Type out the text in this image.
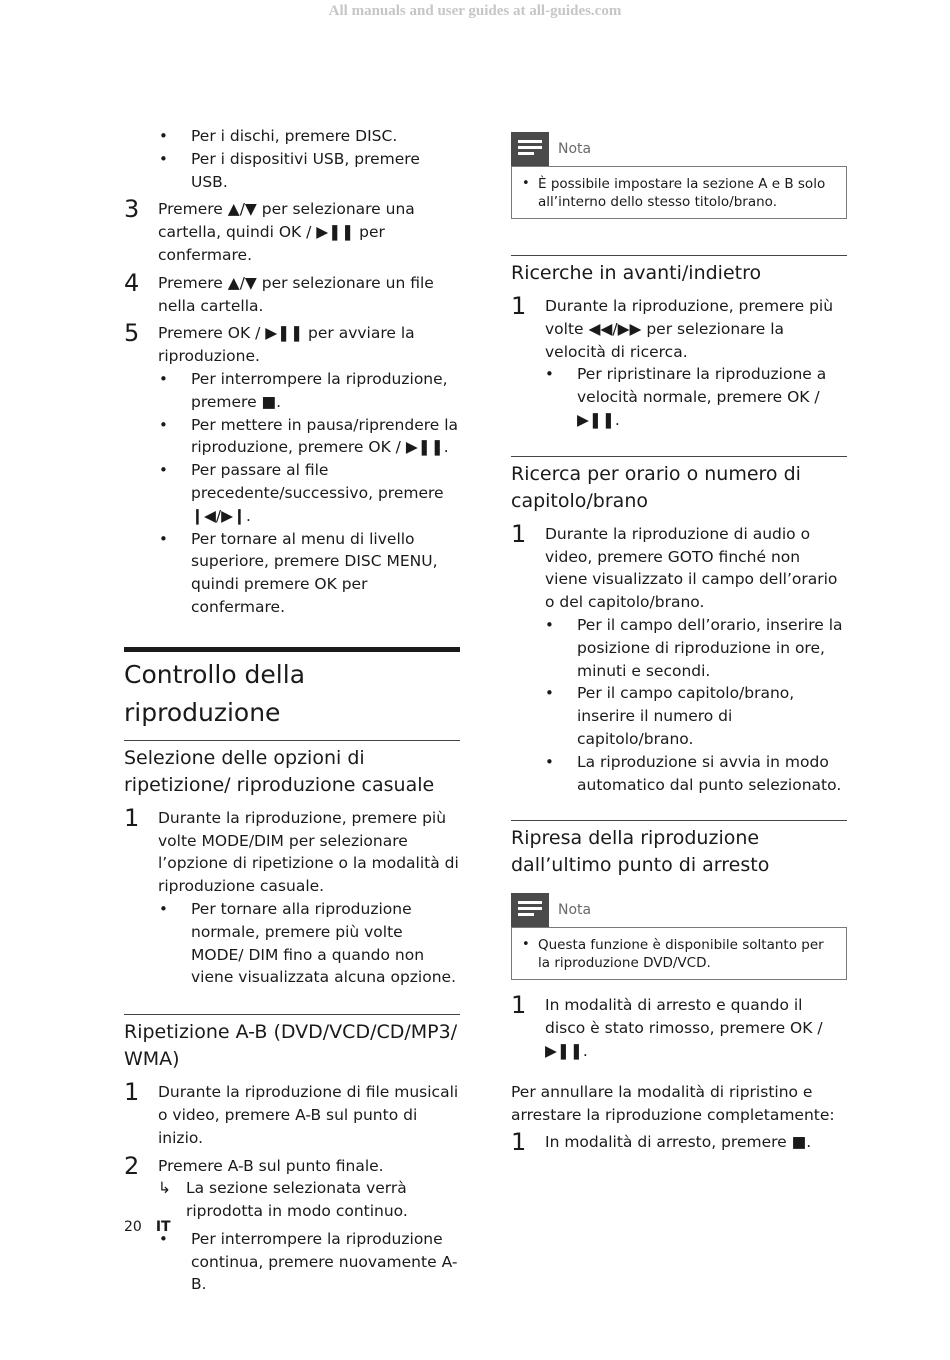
All manuals and user guides at all-guides.com
• Per i dischi, premere DISC.
• Per i dispositivi USB, premere USB.
3 Premere ▲/▼ per selezionare una cartella, quindi OK / ▶❚❚ per confermare.
4 Premere ▲/▼ per selezionare un file nella cartella.
5 Premere OK / ▶❚❚ per avviare la riproduzione.
• Per interrompere la riproduzione, premere ■.
• Per mettere in pausa/riprendere la riproduzione, premere OK / ▶❚❚.
• Per passare al file precedente/successivo, premere ❙◀/▶❙.
• Per tornare al menu di livello superiore, premere DISC MENU, quindi premere OK per confermare.
Controllo della riproduzione
Selezione delle opzioni di ripetizione/ riproduzione casuale
1 Durante la riproduzione, premere più volte MODE/DIM per selezionare l’opzione di ripetizione o la modalità di riproduzione casuale.
• Per tornare alla riproduzione normale, premere più volte MODE/ DIM fino a quando non viene visualizzata alcuna opzione.
Ripetizione A-B (DVD/VCD/CD/MP3/ WMA)
1 Durante la riproduzione di file musicali o video, premere A-B sul punto di inizio.
2 Premere A-B sul punto finale.
↳ La sezione selezionata verrà riprodotta in modo continuo.
• Per interrompere la riproduzione continua, premere nuovamente A-B.
Nota
• È possibile impostare la sezione A e B solo all’interno dello stesso titolo/brano.
Ricerche in avanti/indietro
1 Durante la riproduzione, premere più volte ◀◀/▶▶ per selezionare la velocità di ricerca.
• Per ripristinare la riproduzione a velocità normale, premere OK / ▶❚❚.
Ricerca per orario o numero di capitolo/brano
1 Durante la riproduzione di audio o video, premere GOTO finché non viene visualizzato il campo dell’orario o del capitolo/brano.
• Per il campo dell’orario, inserire la posizione di riproduzione in ore, minuti e secondi.
• Per il campo capitolo/brano, inserire il numero di capitolo/brano.
• La riproduzione si avvia in modo automatico dal punto selezionato.
Ripresa della riproduzione dall’ultimo punto di arresto
Nota
• Questa funzione è disponibile soltanto per la riproduzione DVD/VCD.
1 In modalità di arresto e quando il disco è stato rimosso, premere OK / ▶❚❚.
Per annullare la modalità di ripristino e arrestare la riproduzione completamente:
1 In modalità di arresto, premere ■.
20 IT
